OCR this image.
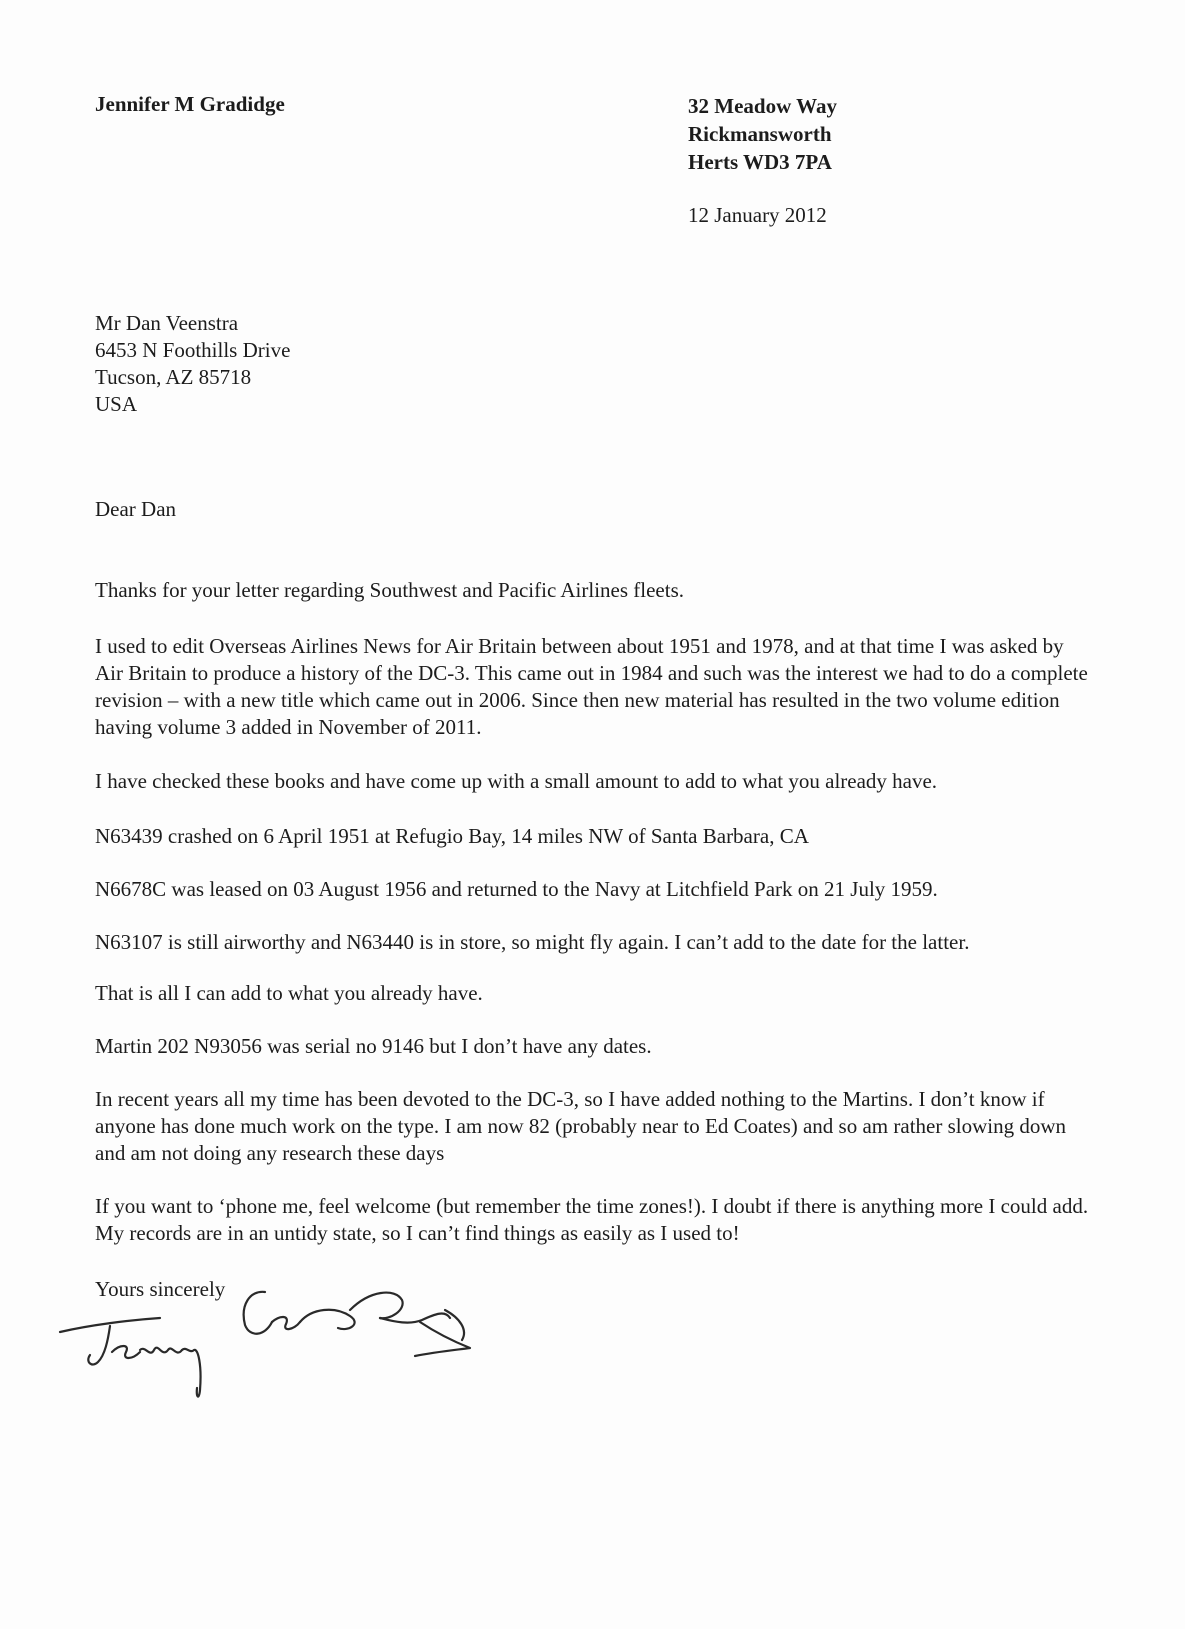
Jennifer M Gradidge	32 Meadow Way
Rickmansworth
Herts WD3 7PA
12 January 2012
Mr Dan Veenstra
6453 N Foothills Drive
Tucson, AZ 85718
USA
Dear Dan
Thanks for your letter regarding Southwest and Pacific Airlines fleets.
I used to edit Overseas Airlines News for Air Britain between about 1951 and 1978, and at that time I was asked by Air Britain to produce a history of the DC-3. This came out in 1984 and such was the interest we had to do a complete revision – with a new title which came out in 2006. Since then new material has resulted in the two volume edition having volume 3 added in November of 2011.
I have checked these books and have come up with a small amount to add to what you already have.
N63439 crashed on 6 April 1951 at Refugio Bay, 14 miles NW of Santa Barbara, CA
N6678C was leased on 03 August 1956 and returned to the Navy at Litchfield Park on 21 July 1959.
N63107 is still airworthy and N63440 is in store, so might fly again. I can’t add to the date for the latter.
That is all I can add to what you already have.
Martin 202 N93056 was serial no 9146 but I don’t have any dates.
In recent years all my time has been devoted to the DC-3, so I have added nothing to the Martins. I don’t know if anyone has done much work on the type. I am now 82 (probably near to Ed Coates) and so am rather slowing down and am not doing any research these days
If you want to ‘phone me, feel welcome (but remember the time zones!). I doubt if there is anything more I could add. My records are in an untidy state, so I can’t find things as easily as I used to!
Yours sincerely
